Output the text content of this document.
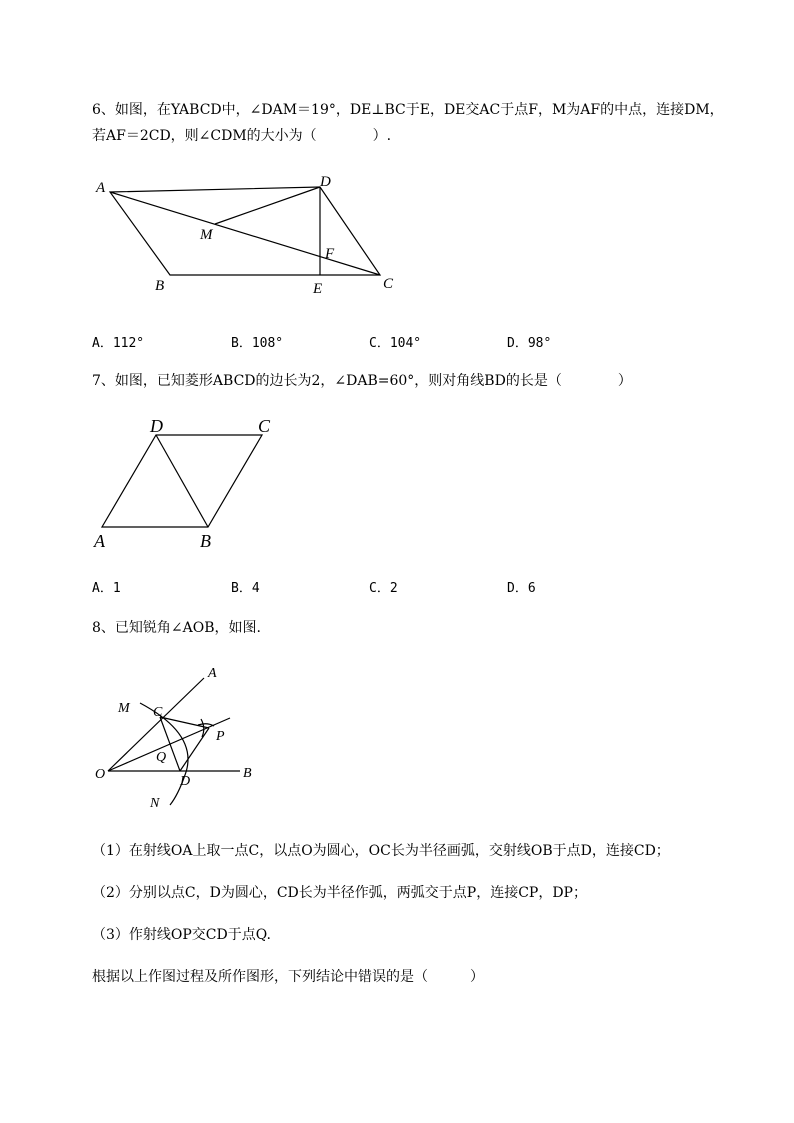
6、如图，在YABCD中，∠DAM＝19°，DE⊥BC于E，DE交AC于点F，M为AF的中点，连接DM，
若AF＝2CD，则∠CDM的大小为（　　　　）.
A	D
M
F
B	E	C
A．112°	B．108°	C．104°	D．98°
7、如图，已知菱形ABCD的边长为2，∠DAB=60°，则对角线BD的长是（　　　　）
D	C
A	B
A．1	B．4	C．2	D．6
8、已知锐角∠AOB，如图.
A
M C
P
Q
O	D
B
N
（1）在射线OA上取一点C，以点O为圆心，OC长为半径画弧，交射线OB于点D，连接CD；
（2）分别以点C，D为圆心，CD长为半径作弧，两弧交于点P，连接CP，DP；
（3）作射线OP交CD于点Q.
根据以上作图过程及所作图形，下列结论中错误的是（　　　）
